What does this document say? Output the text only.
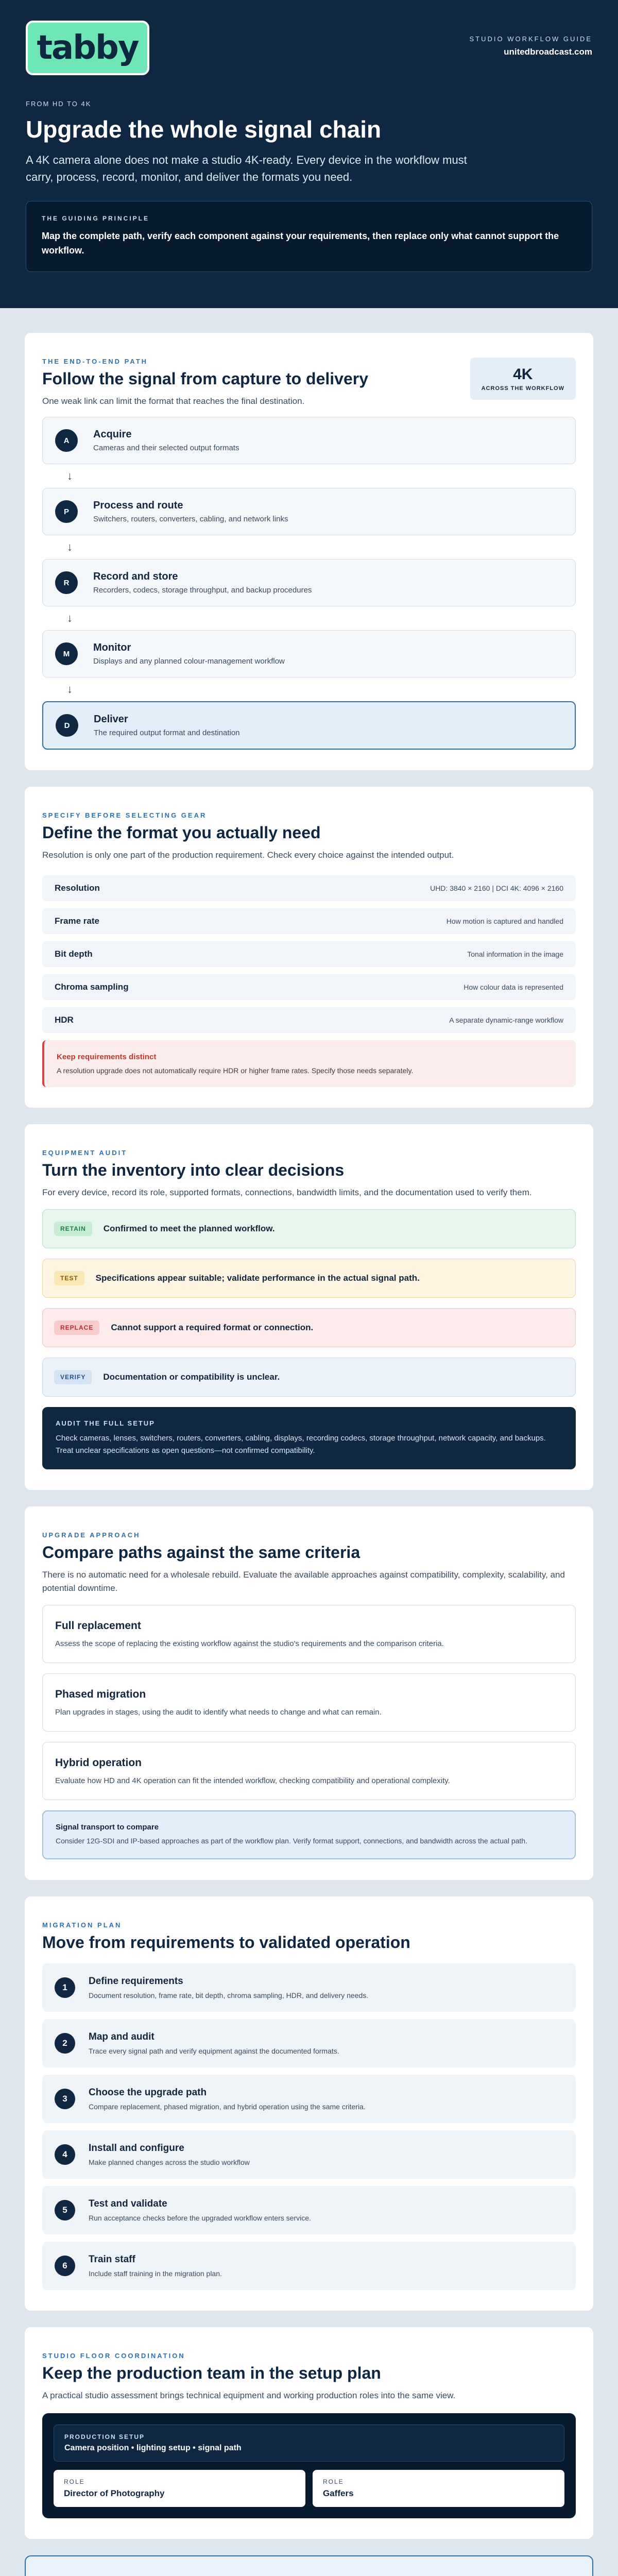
tabby	STUDIO WORKFLOW GUIDE
unitedbroadcast.com
FROM HD TO 4K
Upgrade the whole signal chain

A 4K camera alone does not make a studio 4K-ready. Every device in the workflow must carry, process, record, monitor, and deliver the formats you need.

THE GUIDING PRINCIPLE
Map the complete path, verify each component against your requirements, then replace only what cannot support the workflow.
THE END-TO-END PATH
Follow the signal from capture to delivery

One weak link can limit the format that reaches the final destination.

4K
ACROSS THE WORKFLOW
A
Acquire
Cameras and their selected output formats
↓
P
Process and route
Switchers, routers, converters, cabling, and network links
↓
R
Record and store
Recorders, codecs, storage throughput, and backup procedures
↓
M
Monitor
Displays and any planned colour-management workflow
↓
D
Deliver
The required output format and destination
SPECIFY BEFORE SELECTING GEAR
Define the format you actually need

Resolution is only one part of the production requirement. Check every choice against the intended output.

Resolution	UHD: 3840 × 2160 | DCI 4K: 4096 × 2160
Frame rate	How motion is captured and handled
Bit depth	Tonal information in the image
Chroma sampling	How colour data is represented
HDR	A separate dynamic-range workflow
Keep requirements distinct
A resolution upgrade does not automatically require HDR or higher frame rates. Specify those needs separately.
EQUIPMENT AUDIT
Turn the inventory into clear decisions

For every device, record its role, supported formats, connections, bandwidth limits, and the documentation used to verify them.

RETAIN	Confirmed to meet the planned workflow.
TEST	Specifications appear suitable; validate performance in the actual signal path.
REPLACE	Cannot support a required format or connection.
VERIFY	Documentation or compatibility is unclear.
AUDIT THE FULL SETUP
Check cameras, lenses, switchers, routers, converters, cabling, displays, recording codecs, storage throughput, network capacity, and backups. Treat unclear specifications as open questions—not confirmed compatibility.
UPGRADE APPROACH
Compare paths against the same criteria

There is no automatic need for a wholesale rebuild. Evaluate the available approaches against compatibility, complexity, scalability, and potential downtime.

Full replacement
Assess the scope of replacing the existing workflow against the studio's requirements and the comparison criteria.
Phased migration
Plan upgrades in stages, using the audit to identify what needs to change and what can remain.
Hybrid operation
Evaluate how HD and 4K operation can fit the intended workflow, checking compatibility and operational complexity.
Signal transport to compare
Consider 12G-SDI and IP-based approaches as part of the workflow plan. Verify format support, connections, and bandwidth across the actual path.
MIGRATION PLAN
Move from requirements to validated operation
1
Define requirements
Document resolution, frame rate, bit depth, chroma sampling, HDR, and delivery needs.
2
Map and audit
Trace every signal path and verify equipment against the documented formats.
3
Choose the upgrade path
Compare replacement, phased migration, and hybrid operation using the same criteria.
4
Install and configure
Make planned changes across the studio workflow
5
Test and validate
Run acceptance checks before the upgraded workflow enters service.
6
Train staff
Include staff training in the migration plan.
STUDIO FLOOR COORDINATION
Keep the production team in the setup plan

A practical studio assessment brings technical equipment and working production roles into the same view.

PRODUCTION SETUP
Camera position • lighting setup • signal path
ROLE
Director of Photography
ROLE
Gaffers
